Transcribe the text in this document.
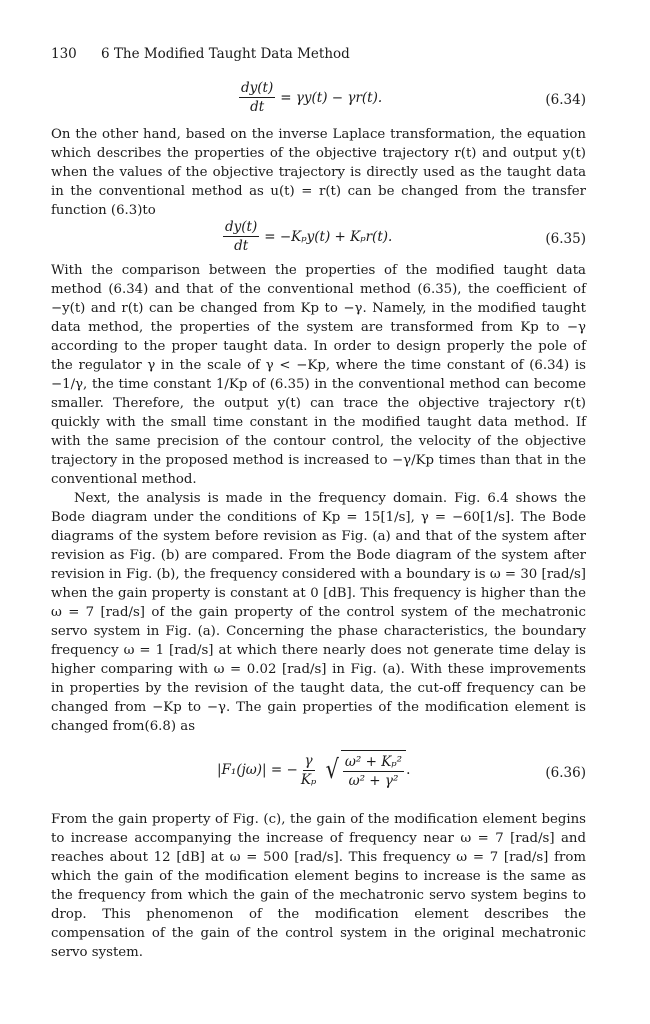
130 6 The Modified Taught Data Method
$\frac{dy(t)}{dt} = \gamma y(t) - \gamma r(t)$.	(6.34)

On the other hand, based on the inverse Laplace transformation, the equation which describes the properties of the objective trajectory r(t) and output y(t) when the values of the objective trajectory is directly used as the taught data in the conventional method as u(t) = r(t) can be changed from the transfer function (6.3)to

$\frac{dy(t)}{dt} = -K_py(t) + K_pr(t)$.	(6.35)

With the comparison between the properties of the modified taught data method (6.34) and that of the conventional method (6.35), the coefficient of −y(t) and r(t) can be changed from Kp to −γ. Namely, in the modified taught data method, the properties of the system are transformed from Kp to −γ according to the proper taught data. In order to design properly the pole of the regulator γ in the scale of γ < −Kp, where the time constant of (6.34) is −1/γ, the time constant 1/Kp of (6.35) in the conventional method can become smaller. Therefore, the output y(t) can trace the objective trajectory r(t) quickly with the small time constant in the modified taught data method. If with the same precision of the contour control, the velocity of the objective trajectory in the proposed method is increased to −γ/Kp times than that in the conventional method.

Next, the analysis is made in the frequency domain. Fig. 6.4 shows the Bode diagram under the conditions of Kp = 15[1/s], γ = −60[1/s]. The Bode diagrams of the system before revision as Fig. (a) and that of the system after revision as Fig. (b) are compared. From the Bode diagram of the system after revision in Fig. (b), the frequency considered with a boundary is ω = 30 [rad/s] when the gain property is constant at 0 [dB]. This frequency is higher than the ω = 7 [rad/s] of the gain property of the control system of the mechatronic servo system in Fig. (a). Concerning the phase characteristics, the boundary frequency ω = 1 [rad/s] at which there nearly does not generate time delay is higher comparing with ω = 0.02 [rad/s] in Fig. (a). With these improvements in properties by the revision of the taught data, the cut-off frequency can be changed from −Kp to −γ. The gain properties of the modification element is changed from(6.8) as

|F₁(jω)| = − $\frac{\gamma}{\text{Kₚ}}$ √ $\frac{\text{ω² + Kₚ²}}{\text{ω² + γ²}}$ .	(6.36)

From the gain property of Fig. (c), the gain of the modification element begins to increase accompanying the increase of frequency near ω = 7 [rad/s] and reaches about 12 [dB] at ω = 500 [rad/s]. This frequency ω = 7 [rad/s] from which the gain of the modification element begins to increase is the same as the frequency from which the gain of the mechatronic servo system begins to drop. This phenomenon of the modification element describes the compensation of the gain of the control system in the original mechatronic servo system.
